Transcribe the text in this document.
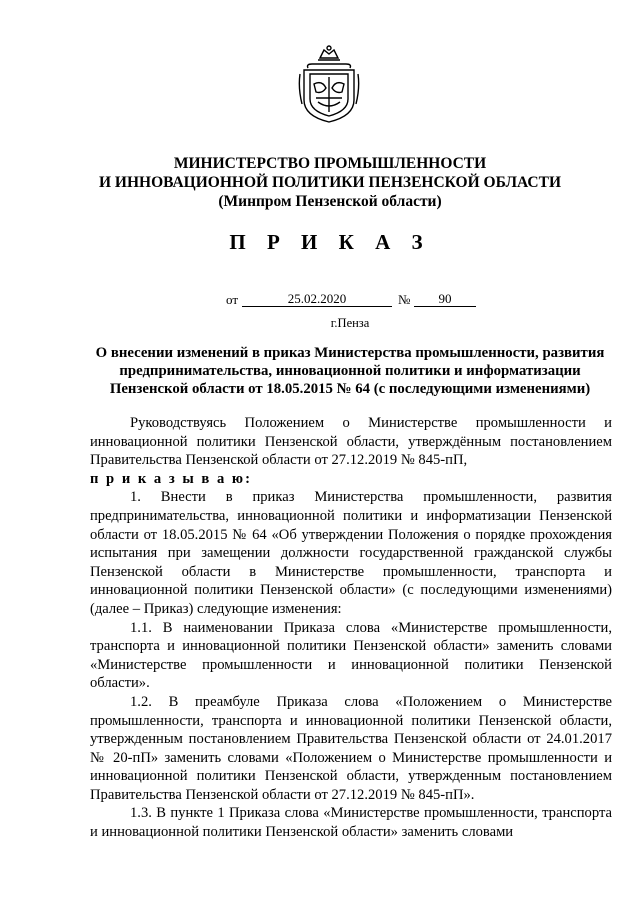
МИНИСТЕРСТВО ПРОМЫШЛЕННОСТИ
И ИННОВАЦИОННОЙ ПОЛИТИКИ ПЕНЗЕНСКОЙ ОБЛАСТИ
(Минпром Пензенской области)
П Р И К А З
от	25.02.2020	№	90
г.Пенза
О внесении изменений в приказ Министерства промышленности, развития
предпринимательства, инновационной политики и информатизации
Пензенской области от 18.05.2015 № 64 (с последующими изменениями)

Руководствуясь Положением о Министерстве промышленности и инновационной политики Пензенской области, утверждённым постановлением Правительства Пензенской области от 27.12.2019 № 845-пП,

п р и к а з ы в а ю:

1. Внести в приказ Министерства промышленности, развития предпринимательства, инновационной политики и информатизации Пензенской области от 18.05.2015 № 64 «Об утверждении Положения о порядке прохождения испытания при замещении должности государственной гражданской службы Пензенской области в Министерстве промышленности, транспорта и инновационной политики Пензенской области» (с последующими изменениями) (далее – Приказ) следующие изменения:

1.1. В наименовании Приказа слова «Министерстве промышленности, транспорта и инновационной политики Пензенской области» заменить словами «Министерстве промышленности и инновационной политики Пензенской области».

1.2. В преамбуле Приказа слова «Положением о Министерстве промышленности, транспорта и инновационной политики Пензенской области, утвержденным постановлением Правительства Пензенской области от 24.01.2017 № 20-пП» заменить словами «Положением о Министерстве промышленности и инновационной политики Пензенской области, утвержденным постановлением Правительства Пензенской области от 27.12.2019 № 845-пП».

1.3. В пункте 1 Приказа слова «Министерстве промышленности, транспорта и инновационной политики Пензенской области» заменить словами
